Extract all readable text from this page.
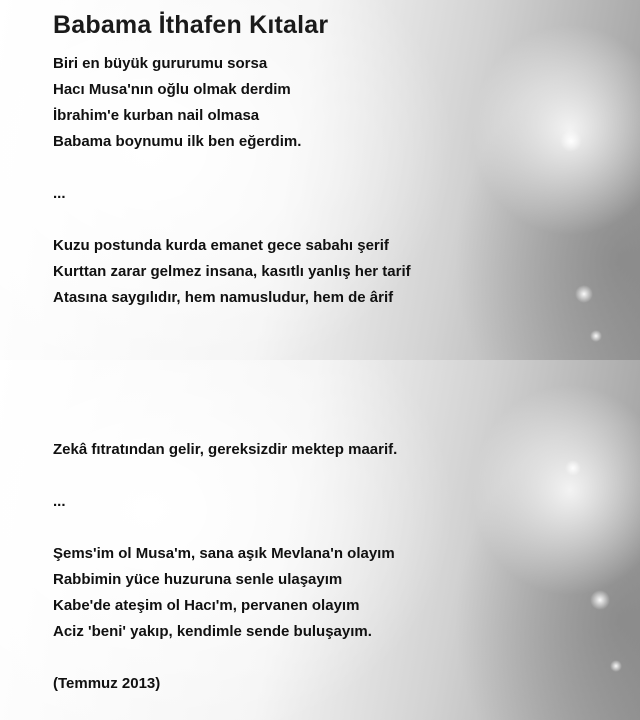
Babama İthafen Kıtalar
Biri en büyük gururumu sorsa
Hacı Musa'nın oğlu olmak derdim
İbrahim'e kurban nail olmasa
Babama boynumu ilk ben eğerdim.
...
Kuzu postunda kurda emanet gece sabahı şerif
Kurttan zarar gelmez insana, kasıtlı yanlış her tarif
Atasına saygılıdır, hem namusludur, hem de ârif
Zekâ fıtratından gelir, gereksizdir mektep maarif.
...
Şems'im ol Musa'm, sana aşık Mevlana'n olayım
Rabbimin yüce huzuruna senle ulaşayım
Kabe'de ateşim ol Hacı'm, pervanen olayım
Aciz 'beni' yakıp, kendimle sende buluşayım.
(Temmuz 2013)
